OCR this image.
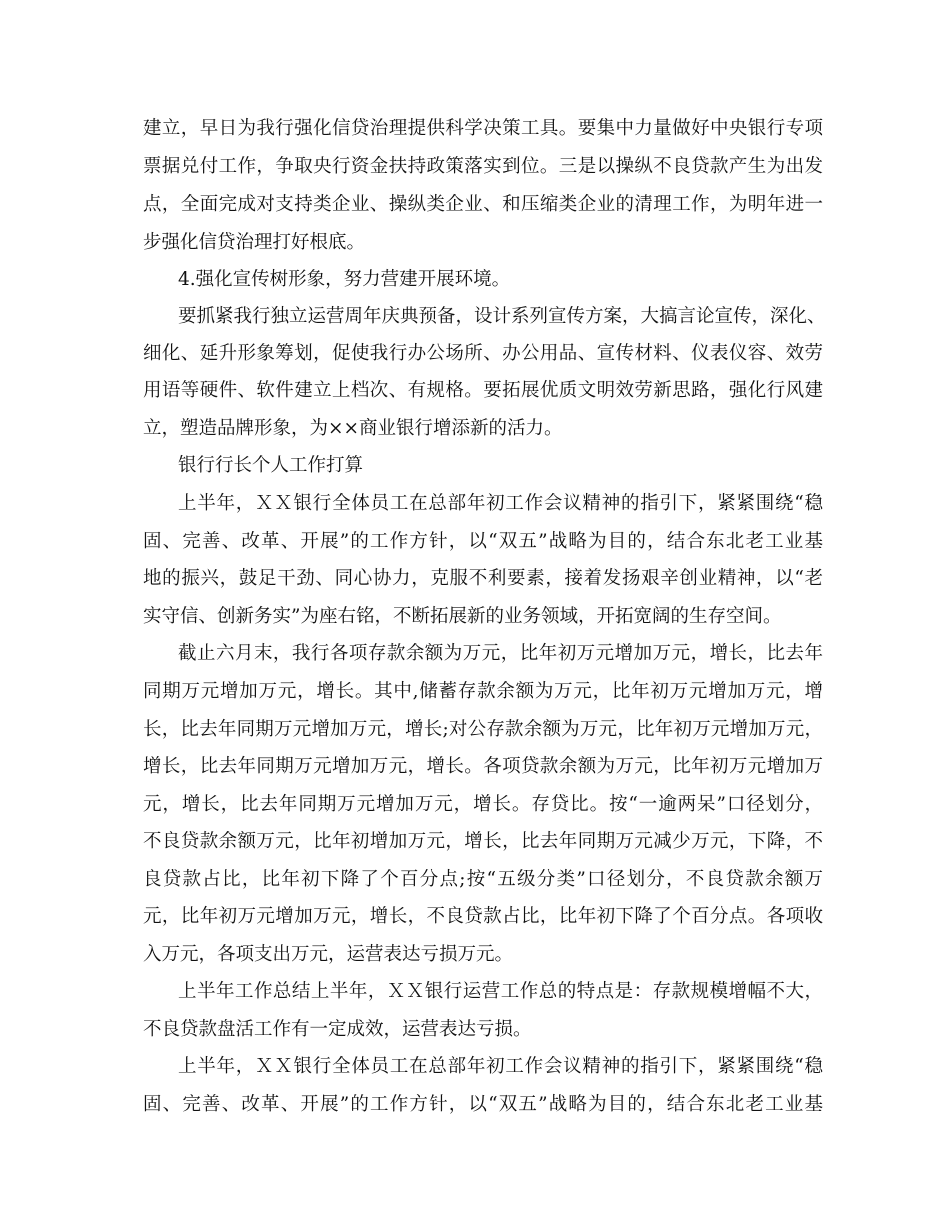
建立，早日为我行强化信贷治理提供科学决策工具。要集中力量做好中央银行专项
票据兑付工作，争取央行资金扶持政策落实到位。三是以操纵不良贷款产生为出发
点，全面完成对支持类企业、操纵类企业、和压缩类企业的清理工作，为明年进一
步强化信贷治理打好根底。
4.强化宣传树形象，努力营建开展环境。
要抓紧我行独立运营周年庆典预备，设计系列宣传方案，大搞言论宣传，深化、
细化、延升形象筹划，促使我行办公场所、办公用品、宣传材料、仪表仪容、效劳
用语等硬件、软件建立上档次、有规格。要拓展优质文明效劳新思路，强化行风建
立，塑造品牌形象，为××商业银行增添新的活力。
银行行长个人工作打算
上半年，ＸＸ银行全体员工在总部年初工作会议精神的指引下，紧紧围绕“稳
固、完善、改革、开展”的工作方针，以“双五”战略为目的，结合东北老工业基
地的振兴，鼓足干劲、同心协力，克服不利要素，接着发扬艰辛创业精神，以“老
实守信、创新务实”为座右铭，不断拓展新的业务领域，开拓宽阔的生存空间。
截止六月末，我行各项存款余额为万元，比年初万元增加万元，增长，比去年
同期万元增加万元，增长。其中,储蓄存款余额为万元，比年初万元增加万元，增
长，比去年同期万元增加万元，增长;对公存款余额为万元，比年初万元增加万元，
增长，比去年同期万元增加万元，增长。各项贷款余额为万元，比年初万元增加万
元，增长，比去年同期万元增加万元，增长。存贷比。按“一逾两呆”口径划分，
不良贷款余额万元，比年初增加万元，增长，比去年同期万元减少万元，下降，不
良贷款占比，比年初下降了个百分点;按“五级分类”口径划分，不良贷款余额万
元，比年初万元增加万元，增长，不良贷款占比，比年初下降了个百分点。各项收
入万元，各项支出万元，运营表达亏损万元。
上半年工作总结上半年，ＸＸ银行运营工作总的特点是：存款规模增幅不大，
不良贷款盘活工作有一定成效，运营表达亏损。
上半年，ＸＸ银行全体员工在总部年初工作会议精神的指引下，紧紧围绕“稳
固、完善、改革、开展”的工作方针，以“双五”战略为目的，结合东北老工业基
